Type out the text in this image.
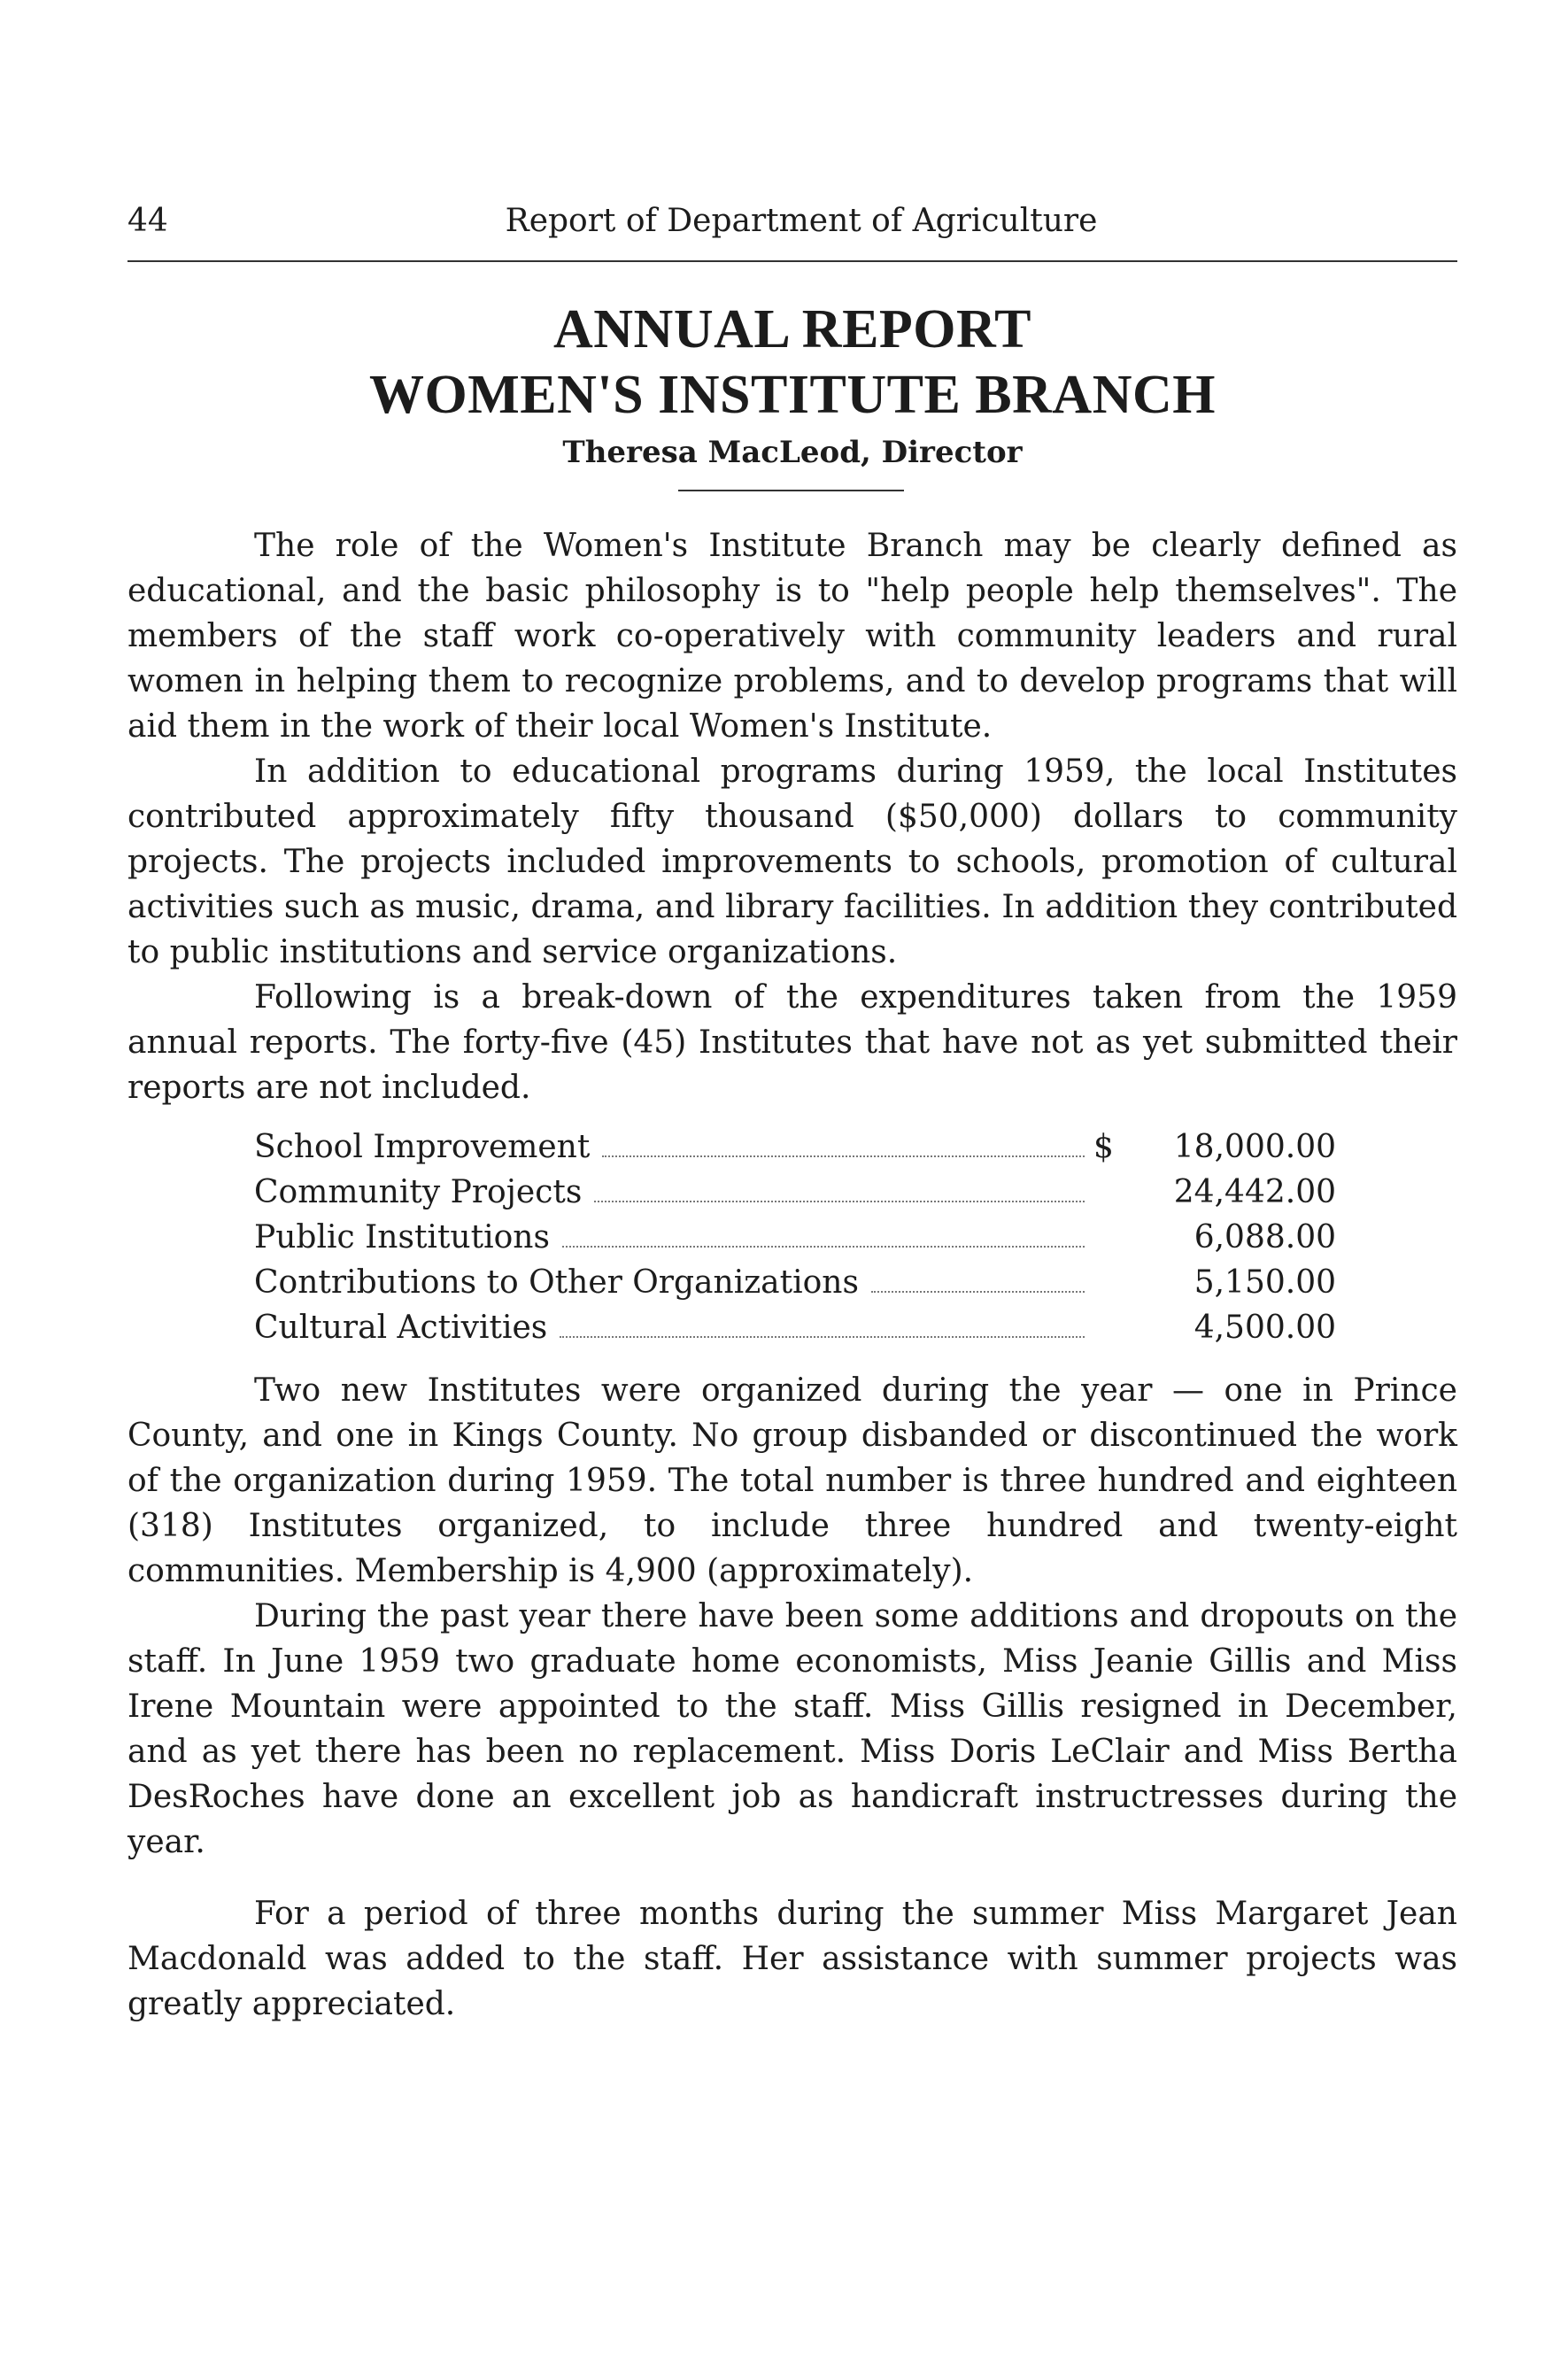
44	Report of Department of Agriculture
ANNUAL REPORT
WOMEN'S INSTITUTE BRANCH
Theresa MacLeod, Director

The role of the Women's Institute Branch may be clearly defined as educational, and the basic philosophy is to "help people help themselves". The members of the staff work co-operatively with community leaders and rural women in helping them to recognize problems, and to develop programs that will aid them in the work of their local Women's Institute.

In addition to educational programs during 1959, the local Institutes contributed approximately fifty thousand ($50,000) dollars to community projects. The projects included improvements to schools, promotion of cultural activities such as music, drama, and library facilities. In addition they contributed to public institutions and service organizations.

Following is a break-down of the expenditures taken from the 1959 annual reports. The forty-five (45) Institutes that have not as yet submitted their reports are not included.

School Improvement	$	18,000.00
Community Projects	24,442.00
Public Institutions	6,088.00
Contributions to Other Organizations	5,150.00
Cultural Activities	4,500.00

Two new Institutes were organized during the year — one in Prince County, and one in Kings County. No group disbanded or discontinued the work of the organization during 1959. The total number is three hundred and eighteen (318) Institutes organized, to include three hundred and twenty-eight communities. Membership is 4,900 (approximately).

During the past year there have been some additions and dropouts on the staff. In June 1959 two graduate home economists, Miss Jeanie Gillis and Miss Irene Mountain were appointed to the staff. Miss Gillis resigned in December, and as yet there has been no replacement. Miss Doris LeClair and Miss Bertha DesRoches have done an excellent job as handicraft instructresses during the year.

For a period of three months during the summer Miss Margaret Jean Macdonald was added to the staff. Her assistance with summer projects was greatly appreciated.
